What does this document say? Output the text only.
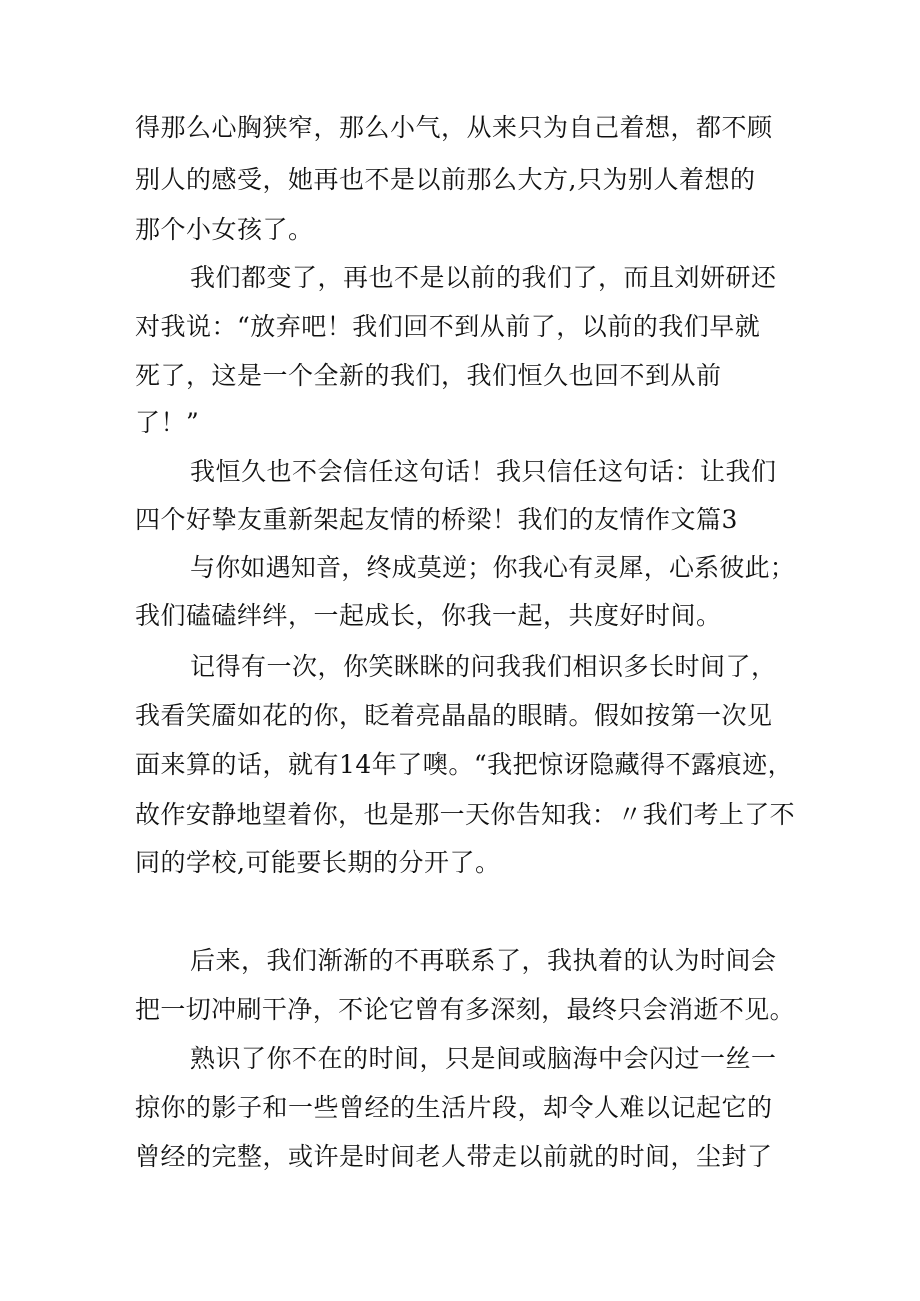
得那么心胸狭窄，那么小气，从来只为自己着想，都不顾
别人的感受，她再也不是以前那么大方,只为别人着想的
那个小女孩了。
我们都变了，再也不是以前的我们了，而且刘妍研还
对我说：“放弃吧！我们回不到从前了，以前的我们早就
死了，这是一个全新的我们，我们恒久也回不到从前
了！”
我恒久也不会信任这句话！我只信任这句话：让我们
四个好挚友重新架起友情的桥梁！我们的友情作文篇3
与你如遇知音，终成莫逆；你我心有灵犀，心系彼此；
我们磕磕绊绊，一起成长，你我一起，共度好时间。
记得有一次，你笑眯眯的问我我们相识多长时间了，
我看笑靥如花的你，眨着亮晶晶的眼睛。假如按第一次见
面来算的话，就有14年了噢。“我把惊讶隐藏得不露痕迹，
故作安静地望着你，也是那一天你告知我：〃我们考上了不
同的学校,可能要长期的分开了。
后来，我们渐渐的不再联系了，我执着的认为时间会
把一切冲刷干净，不论它曾有多深刻，最终只会消逝不见。
熟识了你不在的时间，只是间或脑海中会闪过一丝一
掠你的影子和一些曾经的生活片段，却令人难以记起它的
曾经的完整，或许是时间老人带走以前就的时间，尘封了
